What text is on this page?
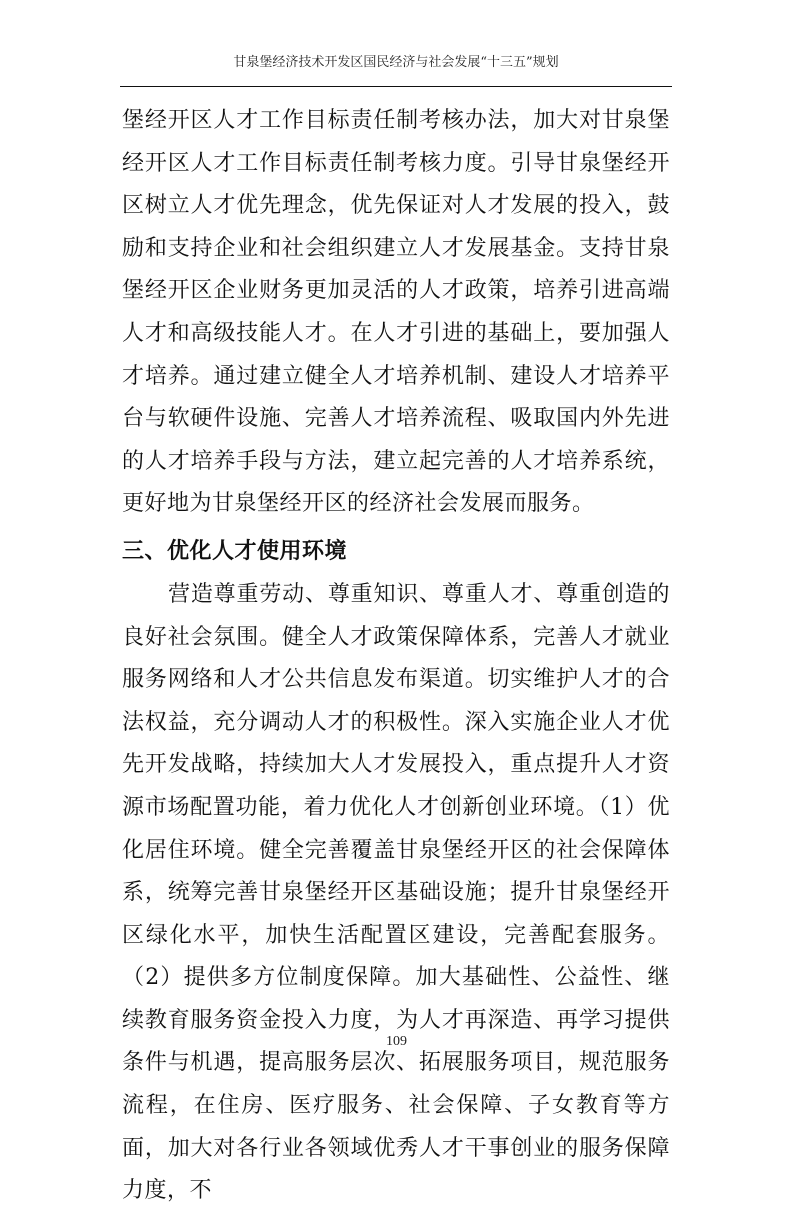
甘泉堡经济技术开发区国民经济与社会发展“十三五”规划

堡经开区人才工作目标责任制考核办法，加大对甘泉堡经开区人才工作目标责任制考核力度。引导甘泉堡经开区树立人才优先理念，优先保证对人才发展的投入，鼓励和支持企业和社会组织建立人才发展基金。支持甘泉堡经开区企业财务更加灵活的人才政策，培养引进高端人才和高级技能人才。在人才引进的基础上，要加强人才培养。通过建立健全人才培养机制、建设人才培养平台与软硬件设施、完善人才培养流程、吸取国内外先进的人才培养手段与方法，建立起完善的人才培养系统，更好地为甘泉堡经开区的经济社会发展而服务。

三、优化人才使用环境

营造尊重劳动、尊重知识、尊重人才、尊重创造的良好社会氛围。健全人才政策保障体系，完善人才就业服务网络和人才公共信息发布渠道。切实维护人才的合法权益，充分调动人才的积极性。深入实施企业人才优先开发战略，持续加大人才发展投入，重点提升人才资源市场配置功能，着力优化人才创新创业环境。（1）优化居住环境。健全完善覆盖甘泉堡经开区的社会保障体系，统筹完善甘泉堡经开区基础设施；提升甘泉堡经开区绿化水平，加快生活配置区建设，完善配套服务。（2）提供多方位制度保障。加大基础性、公益性、继续教育服务资金投入力度，为人才再深造、再学习提供条件与机遇，提高服务层次、拓展服务项目，规范服务流程，在住房、医疗服务、社会保障、子女教育等方面，加大对各行业各领域优秀人才干事创业的服务保障力度，不

109
